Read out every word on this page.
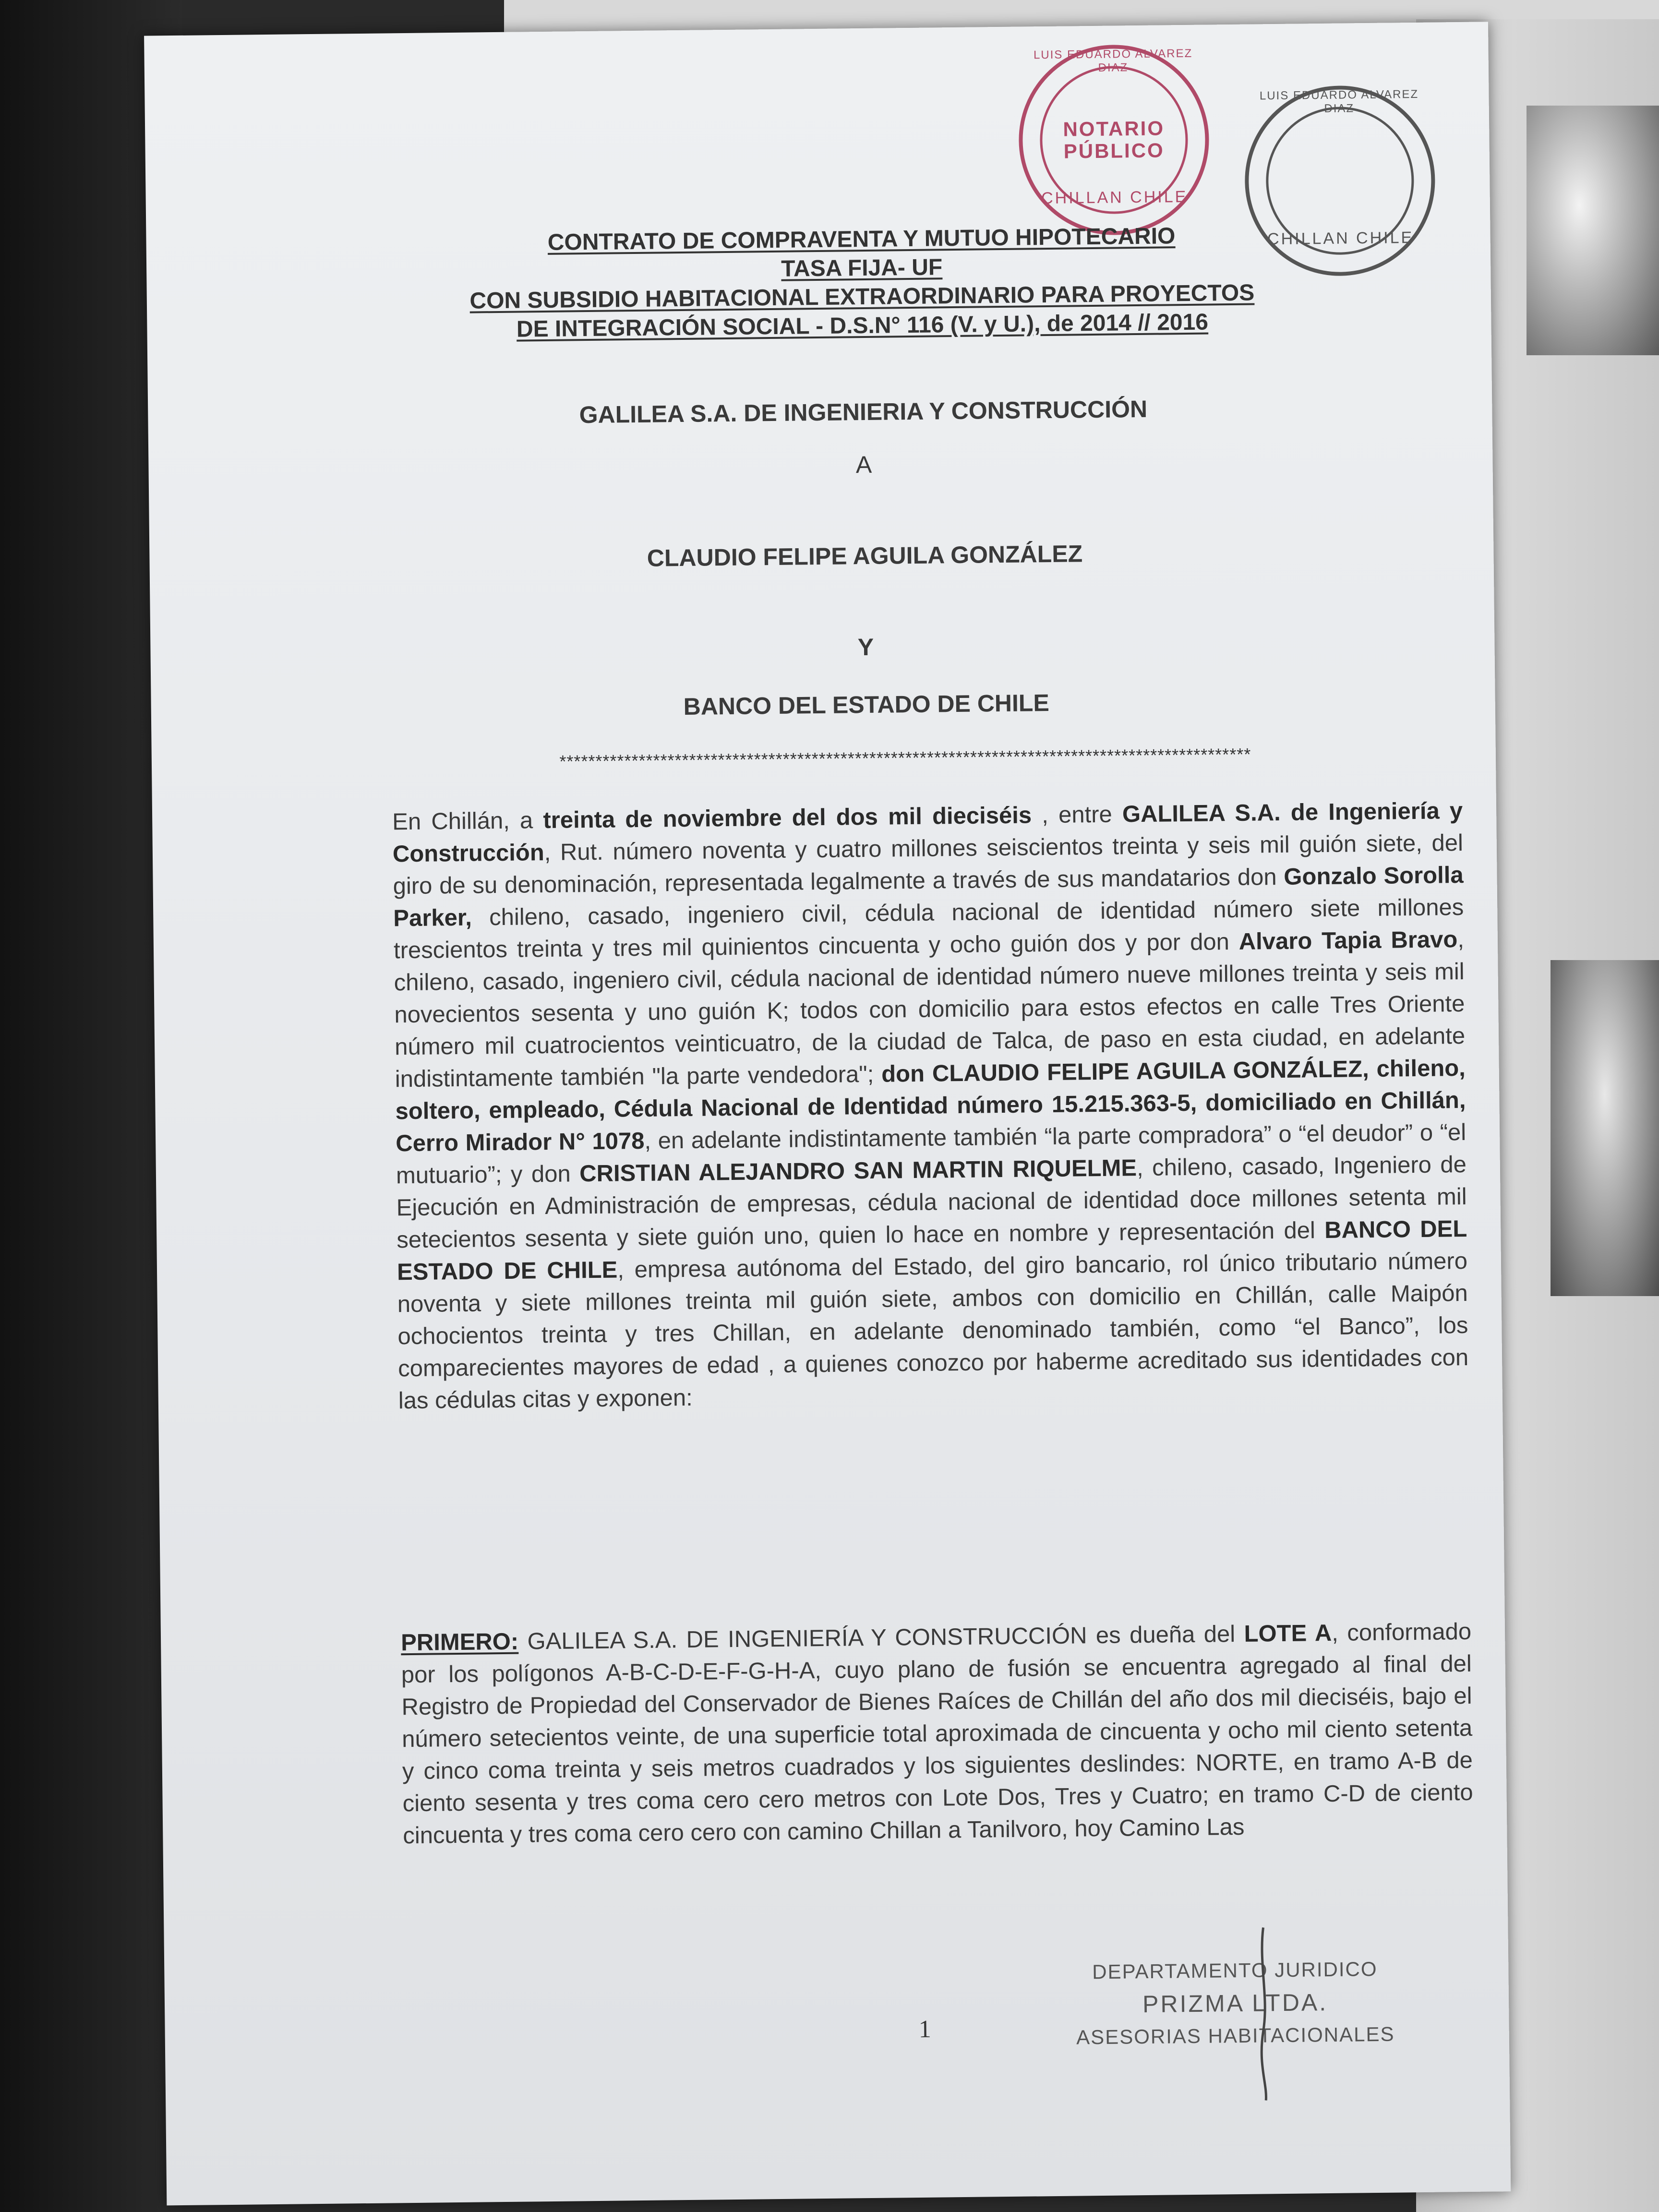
LUIS EDUARDO ALVAREZ DIAZ
NOTARIO
PÚBLICO
CHILLAN CHILE
LUIS EDUARDO ALVAREZ DIAZ
CHILLAN CHILE
CONTRATO DE COMPRAVENTA Y MUTUO HIPOTECARIO
TASA FIJA- UF
CON SUBSIDIO HABITACIONAL EXTRAORDINARIO PARA PROYECTOS
DE INTEGRACIÓN SOCIAL - D.S.N° 116 (V. y U.), de 2014 // 2016
GALILEA S.A. DE INGENIERIA Y CONSTRUCCIÓN
A
CLAUDIO FELIPE AGUILA GONZÁLEZ
Y
BANCO DEL ESTADO DE CHILE
************************************************************************************************
En Chillán, a treinta de noviembre del dos mil dieciséis , entre GALILEA S.A. de Ingeniería y Construcción, Rut. número noventa y cuatro millones seiscientos treinta y seis mil guión siete, del giro de su denominación, representada legalmente a través de sus mandatarios don Gonzalo Sorolla Parker, chileno, casado, ingeniero civil, cédula nacional de identidad número siete millones trescientos treinta y tres mil quinientos cincuenta y ocho guión dos y por don Alvaro Tapia Bravo, chileno, casado, ingeniero civil, cédula nacional de identidad número nueve millones treinta y seis mil novecientos sesenta y uno guión K; todos con domicilio para estos efectos en calle Tres Oriente número mil cuatrocientos veinticuatro, de la ciudad de Talca, de paso en esta ciudad, en adelante indistintamente también "la parte vendedora"; don CLAUDIO FELIPE AGUILA GONZÁLEZ, chileno, soltero, empleado, Cédula Nacional de Identidad número 15.215.363-5, domiciliado en Chillán, Cerro Mirador N° 1078, en adelante indistintamente también “la parte compradora” o “el deudor” o “el mutuario”; y don CRISTIAN ALEJANDRO SAN MARTIN RIQUELME, chileno, casado, Ingeniero de Ejecución en Administración de empresas, cédula nacional de identidad doce millones setenta mil setecientos sesenta y siete guión uno, quien lo hace en nombre y representación del BANCO DEL ESTADO DE CHILE, empresa autónoma del Estado, del giro bancario, rol único tributario número noventa y siete millones treinta mil guión siete, ambos con domicilio en Chillán, calle Maipón ochocientos treinta y tres Chillan, en adelante denominado también, como “el Banco”, los comparecientes mayores de edad , a quienes conozco por haberme acreditado sus identidades con las cédulas citas y exponen:
PRIMERO: GALILEA S.A. DE INGENIERÍA Y CONSTRUCCIÓN es dueña del LOTE A, conformado por los polígonos A-B-C-D-E-F-G-H-A, cuyo plano de fusión se encuentra agregado al final del Registro de Propiedad del Conservador de Bienes Raíces de Chillán del año dos mil dieciséis, bajo el número setecientos veinte, de una superficie total aproximada de cincuenta y ocho mil ciento setenta y cinco coma treinta y seis metros cuadrados y los siguientes deslindes: NORTE, en tramo A-B de ciento sesenta y tres coma cero cero metros con Lote Dos, Tres y Cuatro; en tramo C-D de ciento cincuenta y tres coma cero cero con camino Chillan a Tanilvoro, hoy Camino Las
1
DEPARTAMENTO JURIDICO
PRIZMA LTDA.
ASESORIAS HABITACIONALES
